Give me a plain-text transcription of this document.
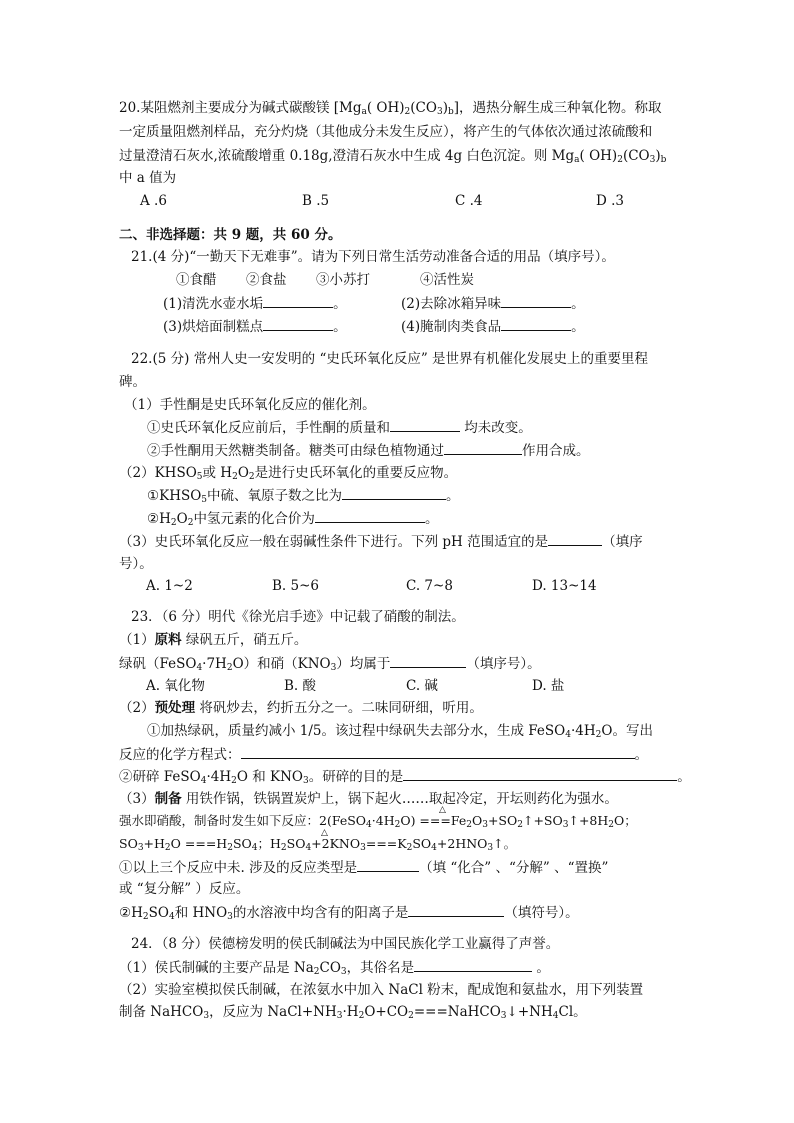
20.某阻燃剂主要成分为碱式碳酸镁 [$Mg_a$( $OH)_2(CO_3)_b$]，遇热分解生成三种氧化物。称取
一定质量阻燃剂样品，充分灼烧（其他成分未发生反应），将产生的气体依次通过浓硫酸和
过量澄清石灰水,浓硫酸增重 0.18g,澄清石灰水中生成 4g 白色沉淀。则 $Mg_a$( $OH)_2(CO_3)_b$
中 a 值为
A .6	B .5	C .4	D .3
二、非选择题：共 9 题，共 60 分。
21.(4 分)“一勤天下无难事”。请为下列日常生活劳动准备合适的用品（填序号）。
①食醋 ②食盐 ③小苏打	④活性炭
(1)清洗水壶水垢	。	(2)去除冰箱异味	。
(3)烘焙面制糕点	。	(4)腌制肉类食品	。
22.(5 分) 常州人史一安发明的 “史氏环氧化反应” 是世界有机催化发展史上的重要里程
碑。
（1）手性酮是史氏环氧化反应的催化剂。
①史氏环氧化反应前后，手性酮的质量和	均未改变。
②手性酮用天然糖类制备。糖类可由绿色植物通过	作用合成。
$(2)KHSO_5$或 $H_2O_2$是进行史氏环氧化的重要反应物。
$①KHSO_5$中硫、氧原子数之比为	。
$②H_2O_2$中氢元素的化合价为	。
（3）史氏环氧化反应一般在弱碱性条件下进行。下列 pH 范围适宜的是	（填序
号）。
A. 1~2	B. 5~6	C. 7~8	D. 13~14
23．（6 分）明代《徐光启手迹》中记载了硝酸的制法。
（1）原料 绿矾五斤，硝五斤。
绿矾$(FeSO_4\cdot 7H_2O)$和硝$(KNO_3)$均属于	（填序号）。
A. 氧化物	B. 酸	C. 碱	D. 盐
（2）预处理 将矾炒去，约折五分之一。二味同研细，听用。
①加热绿矾，质量约减小 1/5。该过程中绿矾失去部分水，生成 $FeSO_4\cdot 4H_2O$。写出
反应的化学方程式：	。
②研碎 $FeSO_4\cdot 4H_2O$ 和 $KNO_3$。研碎的目的是	。
（3）制备 用铁作锅，铁锅置炭炉上，锅下起火……取起冷定，开坛则药化为强水。
△
强水即硝酸，制备时发生如下反应：$2(FeSO_4\cdot 4H_2O)$ $===Fe_2O_3+SO_2↑+SO_3↑+8H_2O$；
△
$SO_3+H_2O ===H_2SO_4$；$H_2SO_4+2KNO_3===K_2SO_4+2HNO_3↑$。
①以上三个反应中未. 涉及的反应类型是	（填 “化合” 、“分解” 、“置换”
或 “复分解” ）反应。
$②H_2SO_4$和 $HNO_3$的水溶液中均含有的阳离子是	（填符号）。
24．（8 分）侯德榜发明的侯氏制碱法为中国民族化学工业赢得了声誉。
（1）侯氏制碱的主要产品是 $Na_2CO_3$，其俗名是	。
（2）实验室模拟侯氏制碱，在浓氨水中加入 NaCl 粉末，配成饱和氨盐水，用下列装置
制备 NaHCO$_3$，反应为 $NaCl+NH_3\cdot H_2O+CO_2===NaHCO_3↓+NH_4Cl$。
